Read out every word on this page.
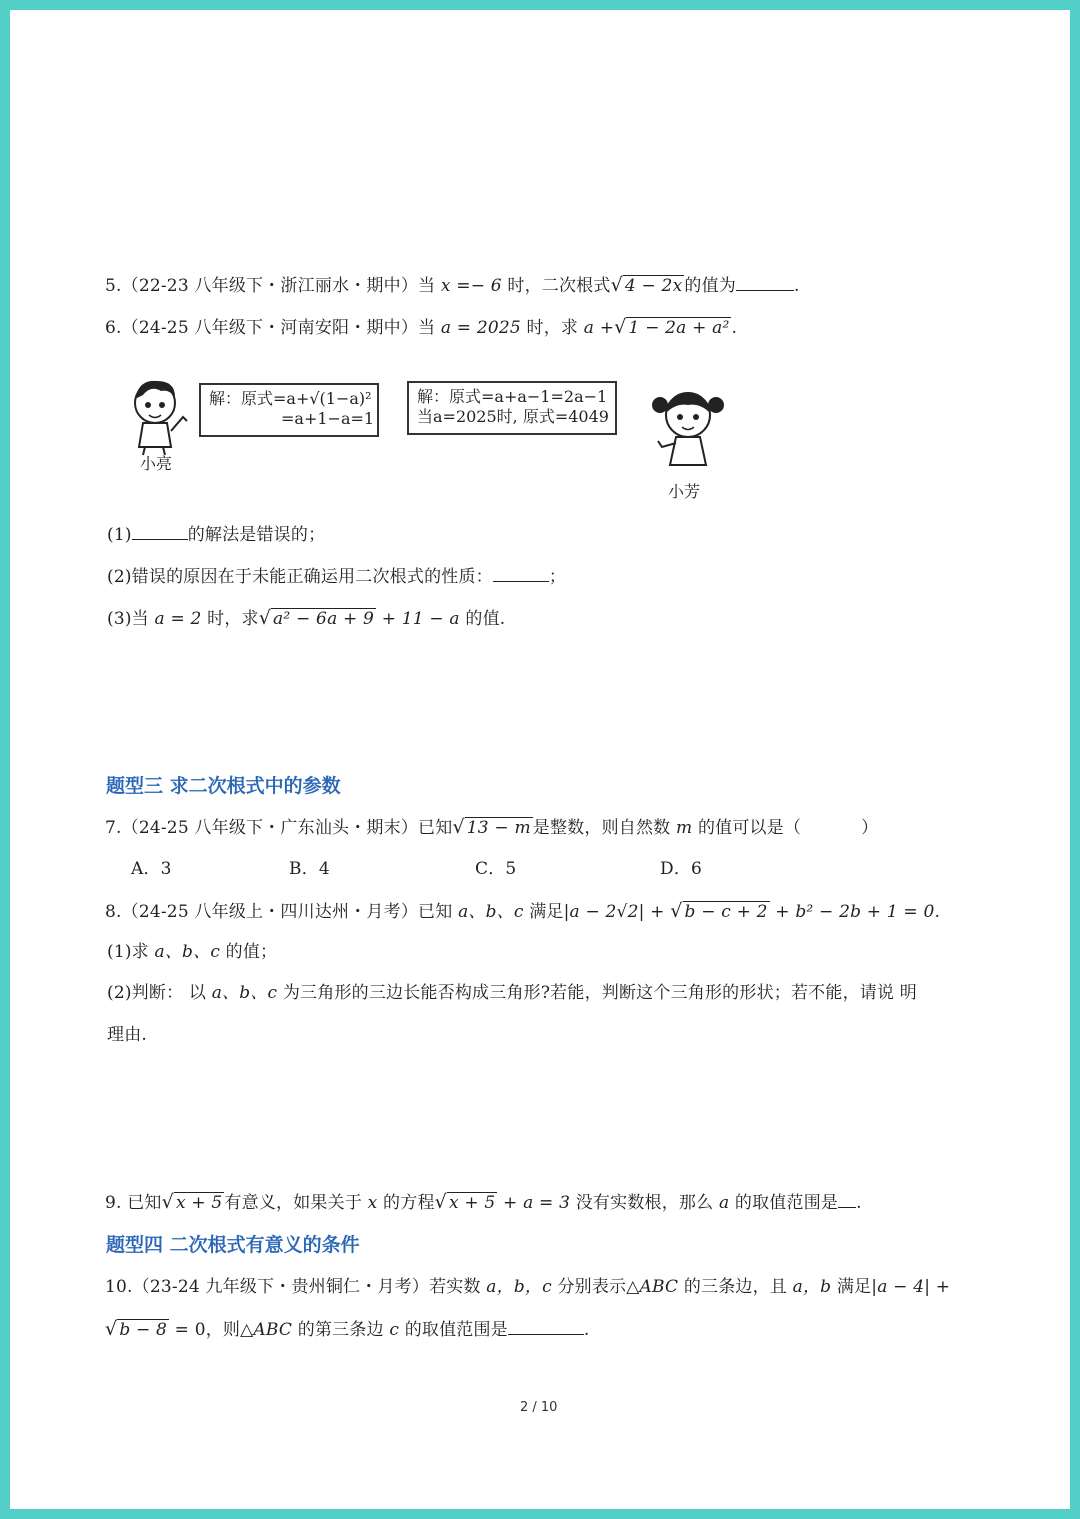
5.（22-23 八年级下・浙江丽水・期中）当 x =− 6 时，二次根式√ 4 − 2x 的值为	.
6.（24-25 八年级下・河南安阳・期中）当 a = 2025 时，求 a +√ 1 − 2a + a² .
小亮
解：原式=a+√(1−a)²
=a+1−a=1
解：原式=a+a−1=2a−1
当a=2025时, 原式=4049
小芳
(1)	的解法是错误的；
(2)错误的原因在于未能正确运用二次根式的性质：	；
(3)当 a = 2 时，求√ a² − 6a + 9 + 11 − a 的值.
题型三 求二次根式中的参数
7.（24-25 八年级下・广东汕头・期末）已知√ 13 − m 是整数，则自然数 m 的值可以是（	）
A．3	B．4	C．5	D．6
8.（24-25 八年级上・四川达州・月考）已知 a、b、c 满足|a − 2√2| + √ b − c + 2 + b² − 2b + 1 = 0.
(1)求 a、b、c 的值；
(2)判断： 以 a、b、c 为三角形的三边长能否构成三角形?若能，判断这个三角形的形状；若不能，请说 明
理由.
9. 已知√ x + 5 有意义，如果关于 x 的方程√ x + 5 + a = 3 没有实数根，那么 a 的取值范围是 .
题型四 二次根式有意义的条件
10.（23-24 九年级下・贵州铜仁・月考）若实数 a，b，c 分别表示△ABC 的三条边，且 a，b 满足|a − 4| +
√ b − 8 = 0，则△ABC 的第三条边 c 的取值范围是	.
2 / 10
